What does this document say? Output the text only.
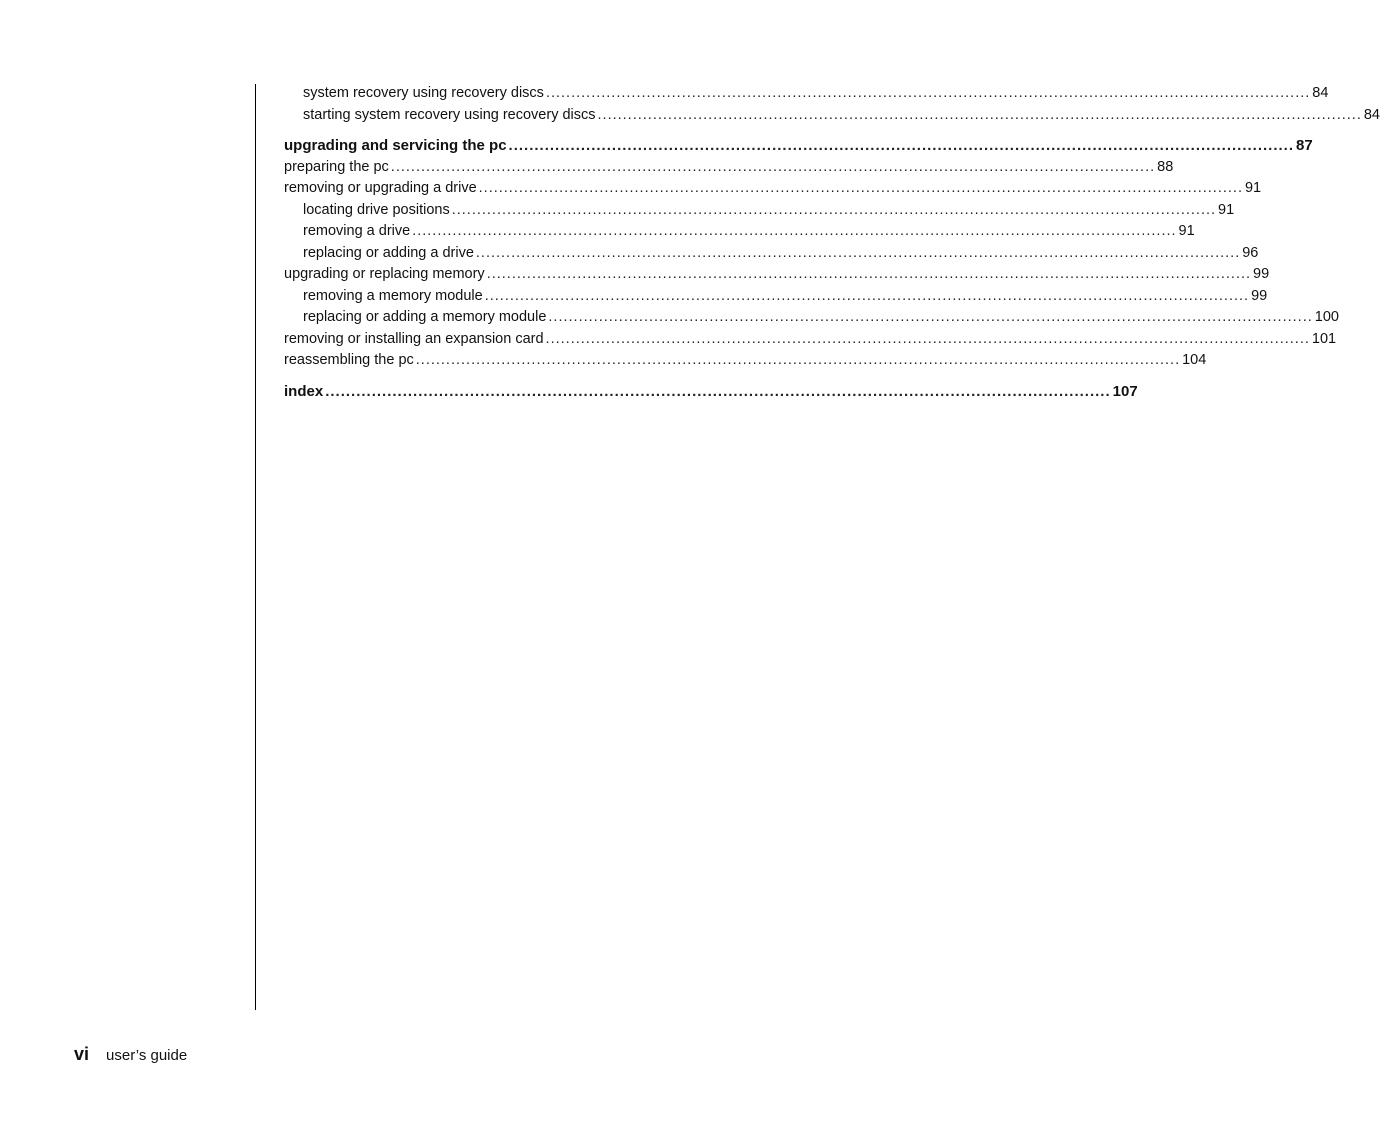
system recovery using recovery discs ........................................................................................................................................................ 84
starting system recovery using recovery discs ........................................................................................................................................................ 84
upgrading and servicing the pc ........................................................................................................................................................ 87
preparing the pc ........................................................................................................................................................ 88
removing or upgrading a drive ........................................................................................................................................................ 91
locating drive positions ........................................................................................................................................................ 91
removing a drive ........................................................................................................................................................ 91
replacing or adding a drive ........................................................................................................................................................ 96
upgrading or replacing memory ........................................................................................................................................................ 99
removing a memory module ........................................................................................................................................................ 99
replacing or adding a memory module ........................................................................................................................................................ 100
removing or installing an expansion card ........................................................................................................................................................ 101
reassembling the pc ........................................................................................................................................................ 104
index ........................................................................................................................................................ 107
vi user’s guide
